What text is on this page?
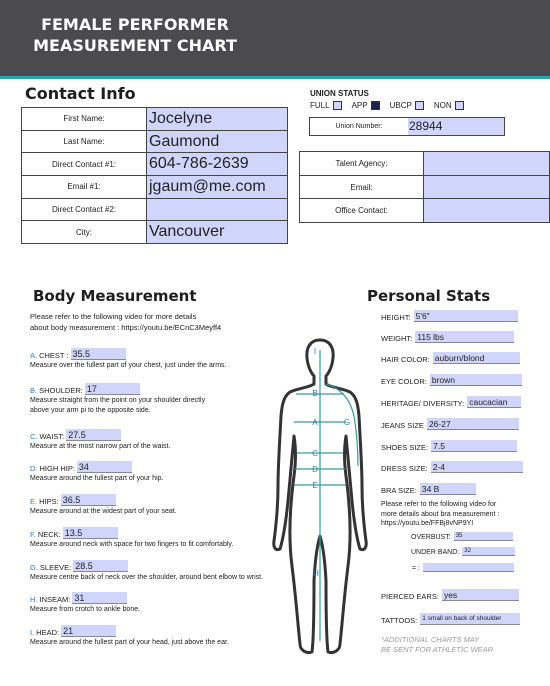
FEMALE PERFORMER
MEASUREMENT CHART
Contact Info
First Name:	Jocelyne
Last Name:	Gaumond
Direct Contact #1:	604-786-2639
Email #1:	jgaum@me.com
Direct Contact #2:	
City:	Vancouver
UNION STATUS
FULL	APP	UBCP	NON
Union Number:	28944
Talent Agency:	
Email:	
Office Contact:	
Body Measurement
Please refer to the following video for more details
about body measurement : https://youtu.be/ECnC3Meyff4
A. CHEST : 35.5
Measure over the fullest part of your chest, just under the arms.
B. SHOULDER: 17
Measure straight from the point on your shoulder directly
above your arm pi to the opposite side.
C. WAIST: 27.5
Measure at the most narrow part of the waist.
D. HIGH HIP: 34
Measure around the fullest part of your hip.
E. HIPS: 36.5
Measure around at the widest part of your seat.
F. NECK: 13.5
Measure around neck with space for two fingers to fit comfortably.
G. SLEEVE: 28.5
Measure centre back of neck over the shoulder, around bent elbow to wrist.
H. INSEAM: 31
Measure from crotch to ankle bone.
I. HEAD: 21
Measure around the fullest part of your head, just above the ear.
I
B
A	G
C
D
E
H
Personal Stats
HEIGHT: 5'6"
WEIGHT: 115 lbs
HAIR COLOR: auburn/blond
EYE COLOR: brown
HERITAGE/ DIVERSITY: caucacian
JEANS SIZE 26-27
SHOES SIZE: 7.5
DRESS SIZE: 2-4
BRA SIZE: 34 B
Please refer to the following video for
more details about bra measurement :
https://youtu.be/FFBj8vNP9YI
OVERBUST: 35
UNDER BAND: 32
= :
PIERCED EARS: yes
TATTOOS: 1 small on back of shoulder
*ADDITIONAL CHARTS MAY
BE SENT FOR ATHLETIC WEAR
